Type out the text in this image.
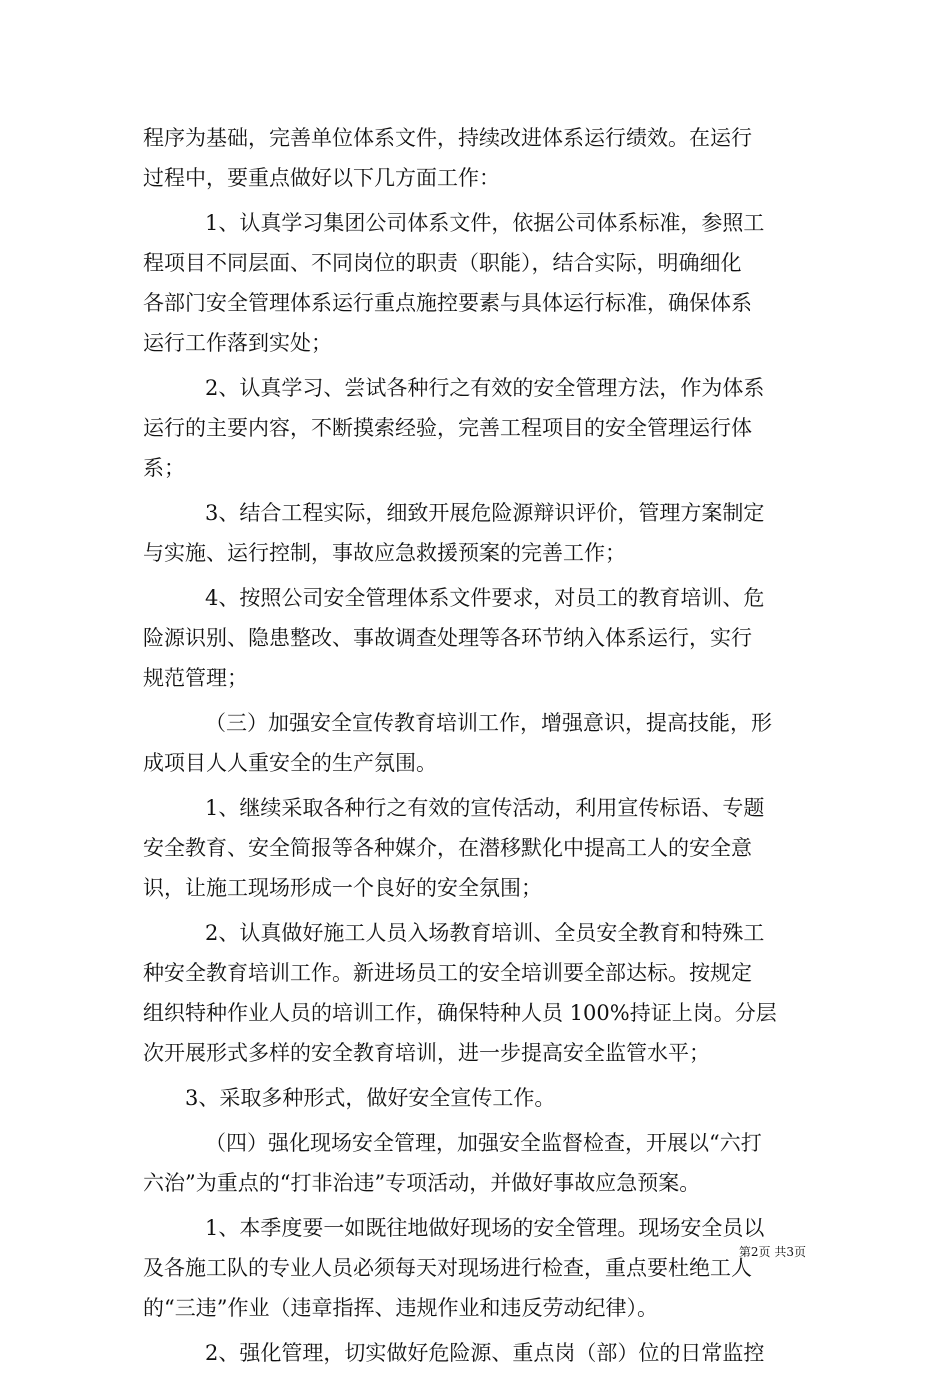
程序为基础，完善单位体系文件，持续改进体系运行绩效。在运行

过程中，要重点做好以下几方面工作：

1、认真学习集团公司体系文件，依据公司体系标准，参照工

程项目不同层面、不同岗位的职责（职能），结合实际，明确细化

各部门安全管理体系运行重点施控要素与具体运行标准，确保体系

运行工作落到实处；

2、认真学习、尝试各种行之有效的安全管理方法，作为体系

运行的主要内容，不断摸索经验，完善工程项目的安全管理运行体

系；

3、结合工程实际，细致开展危险源辩识评价，管理方案制定

与实施、运行控制，事故应急救援预案的完善工作；

4、按照公司安全管理体系文件要求，对员工的教育培训、危

险源识别、隐患整改、事故调查处理等各环节纳入体系运行，实行

规范管理；

（三）加强安全宣传教育培训工作，增强意识，提高技能，形

成项目人人重安全的生产氛围。

1、继续采取各种行之有效的宣传活动，利用宣传标语、专题

安全教育、安全简报等各种媒介，在潜移默化中提高工人的安全意

识，让施工现场形成一个良好的安全氛围；

2、认真做好施工人员入场教育培训、全员安全教育和特殊工

种安全教育培训工作。新进场员工的安全培训要全部达标。按规定

组织特种作业人员的培训工作，确保特种人员 100%持证上岗。分层

次开展形式多样的安全教育培训，进一步提高安全监管水平；

3、采取多种形式，做好安全宣传工作。

（四）强化现场安全管理，加强安全监督检查，开展以“六打

六治”为重点的“打非治违”专项活动，并做好事故应急预案。

1、本季度要一如既往地做好现场的安全管理。现场安全员以

及各施工队的专业人员必须每天对现场进行检查，重点要杜绝工人

的“三违”作业（违章指挥、违规作业和违反劳动纪律）。

2、强化管理，切实做好危险源、重点岗（部）位的日常监控

第2页 共3页
